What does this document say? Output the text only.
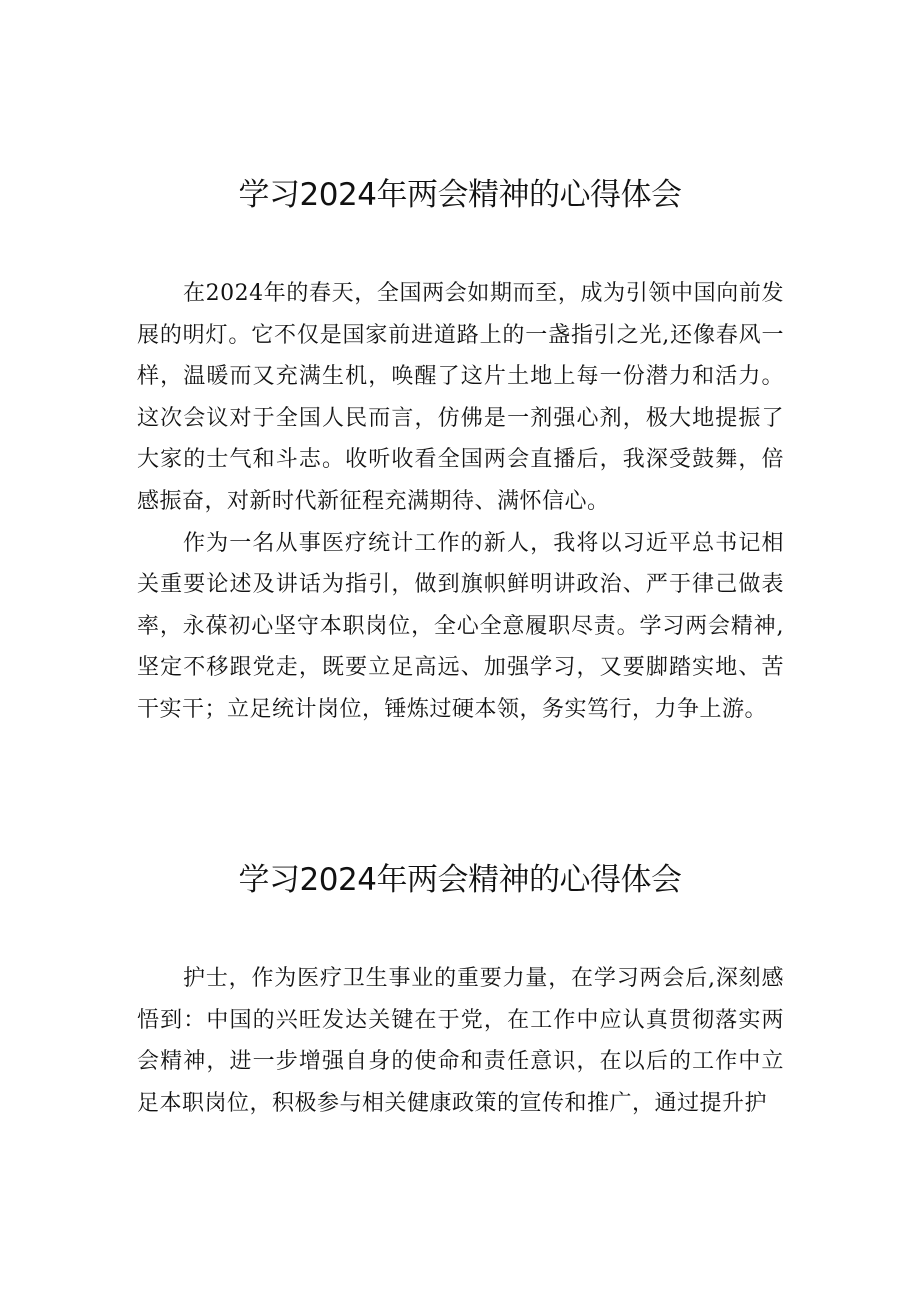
学习2024年两会精神的心得体会

在2024年的春天，全国两会如期而至，成为引领中国向前发展的明灯。它不仅是国家前进道路上的一盏指引之光,还像春风一样，温暖而又充满生机，唤醒了这片土地上每一份潜力和活力。这次会议对于全国人民而言，仿佛是一剂强心剂，极大地提振了大家的士气和斗志。收听收看全国两会直播后，我深受鼓舞，倍感振奋，对新时代新征程充满期待、满怀信心。

作为一名从事医疗统计工作的新人，我将以习近平总书记相关重要论述及讲话为指引，做到旗帜鲜明讲政治、严于律己做表率，永葆初心坚守本职岗位，全心全意履职尽责。学习两会精神,坚定不移跟党走，既要立足高远、加强学习，又要脚踏实地、苦干实干；立足统计岗位，锤炼过硬本领，务实笃行，力争上游。

学习2024年两会精神的心得体会

护士，作为医疗卫生事业的重要力量，在学习两会后,深刻感悟到：中国的兴旺发达关键在于党，在工作中应认真贯彻落实两会精神，进一步增强自身的使命和责任意识，在以后的工作中立足本职岗位，积极参与相关健康政策的宣传和推广，通过提升护
